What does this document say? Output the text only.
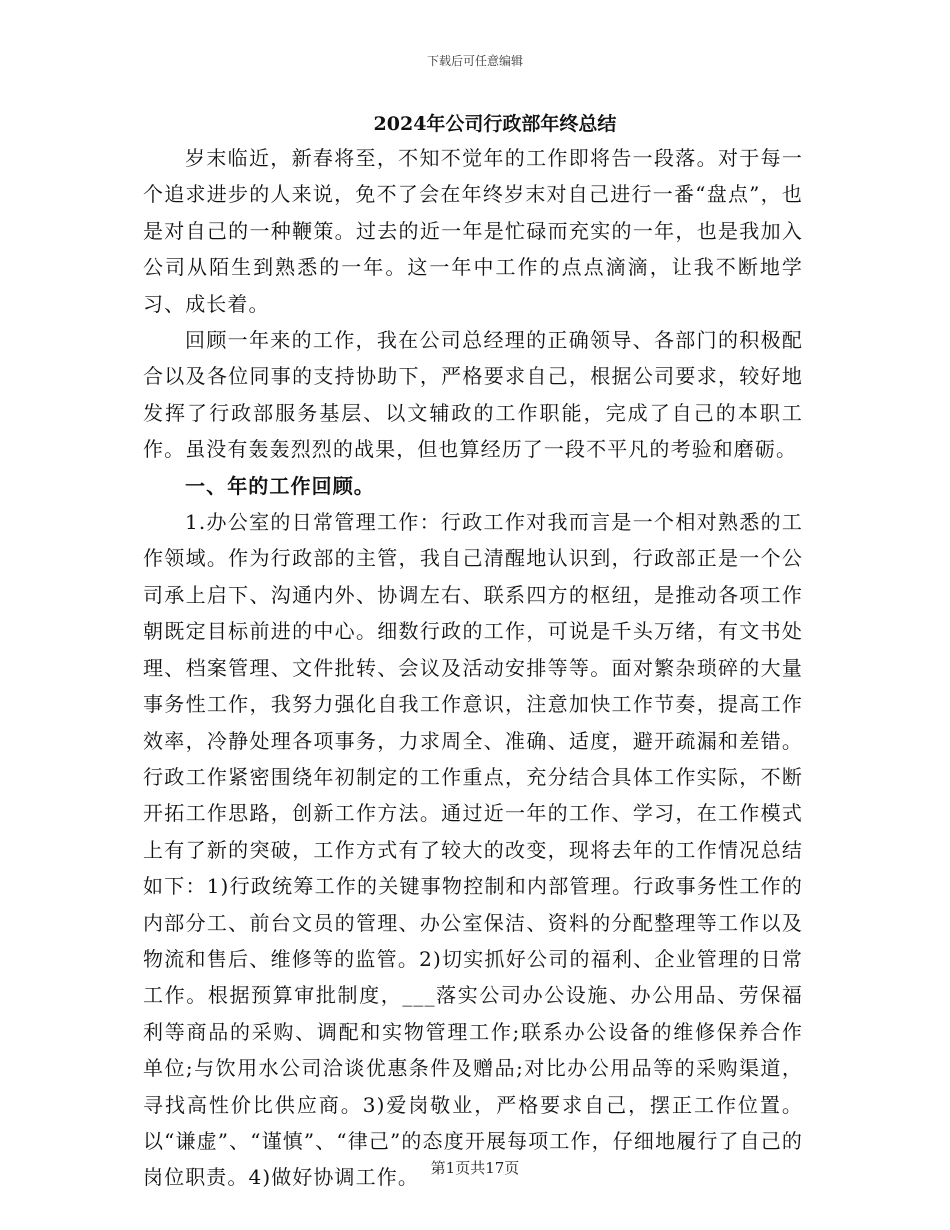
下载后可任意编辑
2024年公司行政部年终总结

岁末临近，新春将至，不知不觉年的工作即将告一段落。对于每一个追求进步的人来说，免不了会在年终岁末对自己进行一番“盘点”，也是对自己的一种鞭策。过去的近一年是忙碌而充实的一年，也是我加入公司从陌生到熟悉的一年。这一年中工作的点点滴滴，让我不断地学习、成长着。

回顾一年来的工作，我在公司总经理的正确领导、各部门的积极配合以及各位同事的支持协助下，严格要求自己，根据公司要求，较好地发挥了行政部服务基层、以文辅政的工作职能，完成了自己的本职工作。虽没有轰轰烈烈的战果，但也算经历了一段不平凡的考验和磨砺。

一、年的工作回顾。

1.办公室的日常管理工作：行政工作对我而言是一个相对熟悉的工作领域。作为行政部的主管，我自己清醒地认识到，行政部正是一个公司承上启下、沟通内外、协调左右、联系四方的枢纽，是推动各项工作朝既定目标前进的中心。细数行政的工作，可说是千头万绪，有文书处理、档案管理、文件批转、会议及活动安排等等。面对繁杂琐碎的大量事务性工作，我努力强化自我工作意识，注意加快工作节奏，提高工作效率，冷静处理各项事务，力求周全、准确、适度，避开疏漏和差错。行政工作紧密围绕年初制定的工作重点，充分结合具体工作实际，不断开拓工作思路，创新工作方法。通过近一年的工作、学习，在工作模式上有了新的突破，工作方式有了较大的改变，现将去年的工作情况总结如下：1)行政统筹工作的关键事物控制和内部管理。行政事务性工作的内部分工、前台文员的管理、办公室保洁、资料的分配整理等工作以及物流和售后、维修等的监管。2)切实抓好公司的福利、企业管理的日常工作。根据预算审批制度，___落实公司办公设施、办公用品、劳保福利等商品的采购、调配和实物管理工作;联系办公设备的维修保养合作单位;与饮用水公司洽谈优惠条件及赠品;对比办公用品等的采购渠道，寻找高性价比供应商。3)爱岗敬业，严格要求自己，摆正工作位置。以“谦虚”、“谨慎”、“律己”的态度开展每项工作，仔细地履行了自己的岗位职责。4)做好协调工作。 第1页共17页
